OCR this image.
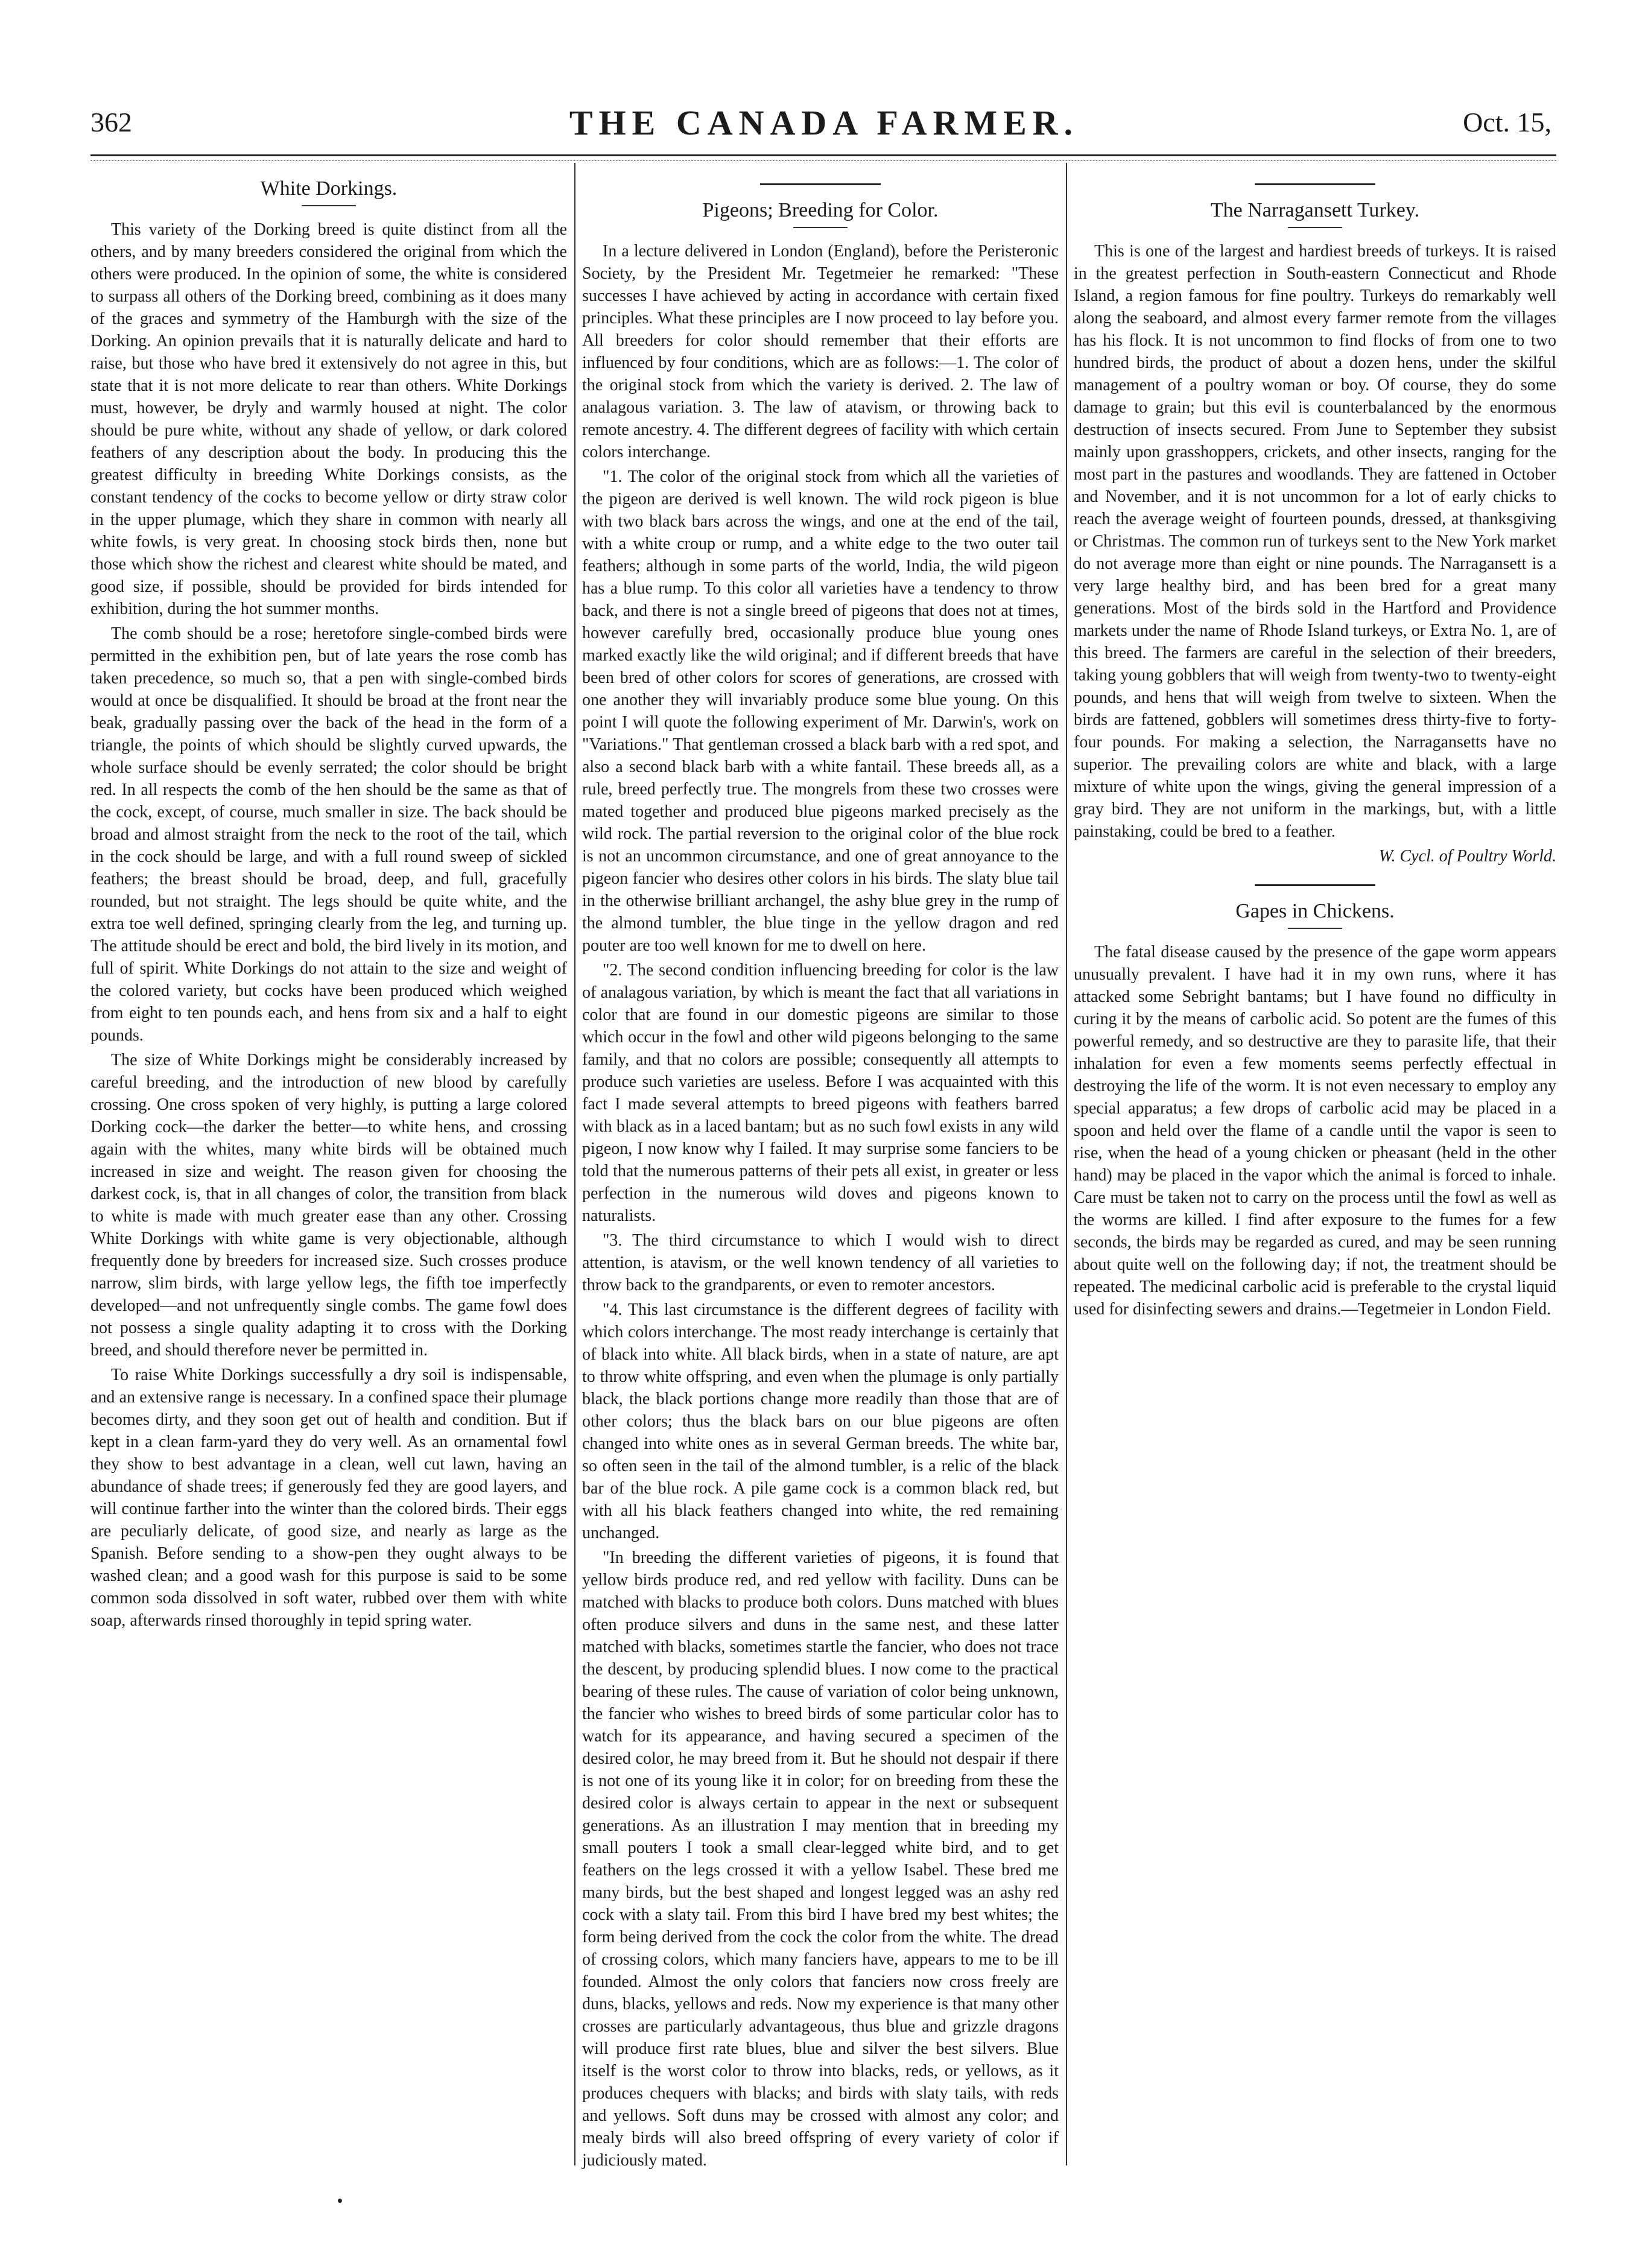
362	THE CANADA FARMER.	Oct. 15,
White Dorkings.

This variety of the Dorking breed is quite distinct from all the others, and by many breeders considered the original from which the others were produced. In the opinion of some, the white is considered to surpass all others of the Dorking breed, combining as it does many of the graces and symmetry of the Hamburgh with the size of the Dorking. An opinion prevails that it is naturally delicate and hard to raise, but those who have bred it extensively do not agree in this, but state that it is not more delicate to rear than others. White Dorkings must, however, be dryly and warmly housed at night. The color should be pure white, without any shade of yellow, or dark colored feathers of any description about the body. In producing this the greatest difficulty in breeding White Dorkings consists, as the constant tendency of the cocks to become yellow or dirty straw color in the upper plumage, which they share in common with nearly all white fowls, is very great. In choosing stock birds then, none but those which show the richest and clearest white should be mated, and good size, if possible, should be provided for birds intended for exhibition, during the hot summer months.

The comb should be a rose; heretofore single-combed birds were permitted in the exhibition pen, but of late years the rose comb has taken precedence, so much so, that a pen with single-combed birds would at once be disqualified. It should be broad at the front near the beak, gradually passing over the back of the head in the form of a triangle, the points of which should be slightly curved upwards, the whole surface should be evenly serrated; the color should be bright red. In all respects the comb of the hen should be the same as that of the cock, except, of course, much smaller in size. The back should be broad and almost straight from the neck to the root of the tail, which in the cock should be large, and with a full round sweep of sickled feathers; the breast should be broad, deep, and full, gracefully rounded, but not straight. The legs should be quite white, and the extra toe well defined, springing clearly from the leg, and turning up. The attitude should be erect and bold, the bird lively in its motion, and full of spirit. White Dorkings do not attain to the size and weight of the colored variety, but cocks have been produced which weighed from eight to ten pounds each, and hens from six and a half to eight pounds.

The size of White Dorkings might be considerably increased by careful breeding, and the introduction of new blood by carefully crossing. One cross spoken of very highly, is putting a large colored Dorking cock—the darker the better—to white hens, and crossing again with the whites, many white birds will be obtained much increased in size and weight. The reason given for choosing the darkest cock, is, that in all changes of color, the transition from black to white is made with much greater ease than any other. Crossing White Dorkings with white game is very objectionable, although frequently done by breeders for increased size. Such crosses produce narrow, slim birds, with large yellow legs, the fifth toe imperfectly developed—and not unfrequently single combs. The game fowl does not possess a single quality adapting it to cross with the Dorking breed, and should therefore never be permitted in.

To raise White Dorkings successfully a dry soil is indispensable, and an extensive range is necessary. In a confined space their plumage becomes dirty, and they soon get out of health and condition. But if kept in a clean farm-yard they do very well. As an ornamental fowl they show to best advantage in a clean, well cut lawn, having an abundance of shade trees; if generously fed they are good layers, and will continue farther into the winter than the colored birds. Their eggs are peculiarly delicate, of good size, and nearly as large as the Spanish. Before sending to a show-pen they ought always to be washed clean; and a good wash for this purpose is said to be some common soda dissolved in soft water, rubbed over them with white soap, afterwards rinsed thoroughly in tepid spring water.

Pigeons; Breeding for Color.

In a lecture delivered in London (England), before the Peristeronic Society, by the President Mr. Tegetmeier he remarked: "These successes I have achieved by acting in accordance with certain fixed principles. What these principles are I now proceed to lay before you. All breeders for color should remember that their efforts are influenced by four conditions, which are as follows:—1. The color of the original stock from which the variety is derived. 2. The law of analagous variation. 3. The law of atavism, or throwing back to remote ancestry. 4. The different degrees of facility with which certain colors interchange.

"1. The color of the original stock from which all the varieties of the pigeon are derived is well known. The wild rock pigeon is blue with two black bars across the wings, and one at the end of the tail, with a white croup or rump, and a white edge to the two outer tail feathers; although in some parts of the world, India, the wild pigeon has a blue rump. To this color all varieties have a tendency to throw back, and there is not a single breed of pigeons that does not at times, however carefully bred, occasionally produce blue young ones marked exactly like the wild original; and if different breeds that have been bred of other colors for scores of generations, are crossed with one another they will invariably produce some blue young. On this point I will quote the following experiment of Mr. Darwin's, work on "Variations." That gentleman crossed a black barb with a red spot, and also a second black barb with a white fantail. These breeds all, as a rule, breed perfectly true. The mongrels from these two crosses were mated together and produced blue pigeons marked precisely as the wild rock. The partial reversion to the original color of the blue rock is not an uncommon circumstance, and one of great annoyance to the pigeon fancier who desires other colors in his birds. The slaty blue tail in the otherwise brilliant archangel, the ashy blue grey in the rump of the almond tumbler, the blue tinge in the yellow dragon and red pouter are too well known for me to dwell on here.

"2. The second condition influencing breeding for color is the law of analagous variation, by which is meant the fact that all variations in color that are found in our domestic pigeons are similar to those which occur in the fowl and other wild pigeons belonging to the same family, and that no colors are possible; consequently all attempts to produce such varieties are useless. Before I was acquainted with this fact I made several attempts to breed pigeons with feathers barred with black as in a laced bantam; but as no such fowl exists in any wild pigeon, I now know why I failed. It may surprise some fanciers to be told that the numerous patterns of their pets all exist, in greater or less perfection in the numerous wild doves and pigeons known to naturalists.

"3. The third circumstance to which I would wish to direct attention, is atavism, or the well known tendency of all varieties to throw back to the grandparents, or even to remoter ancestors.

"4. This last circumstance is the different degrees of facility with which colors interchange. The most ready interchange is certainly that of black into white. All black birds, when in a state of nature, are apt to throw white offspring, and even when the plumage is only partially black, the black portions change more readily than those that are of other colors; thus the black bars on our blue pigeons are often changed into white ones as in several German breeds. The white bar, so often seen in the tail of the almond tumbler, is a relic of the black bar of the blue rock. A pile game cock is a common black red, but with all his black feathers changed into white, the red remaining unchanged.

"In breeding the different varieties of pigeons, it is found that yellow birds produce red, and red yellow with facility. Duns can be matched with blacks to produce both colors. Duns matched with blues often produce silvers and duns in the same nest, and these latter matched with blacks, sometimes startle the fancier, who does not trace the descent, by producing splendid blues. I now come to the practical bearing of these rules. The cause of variation of color being unknown, the fancier who wishes to breed birds of some particular color has to watch for its appearance, and having secured a specimen of the desired color, he may breed from it. But he should not despair if there is not one of its young like it in color; for on breeding from these the desired color is always certain to appear in the next or subsequent generations. As an illustration I may mention that in breeding my small pouters I took a small clear-legged white bird, and to get feathers on the legs crossed it with a yellow Isabel. These bred me many birds, but the best shaped and longest legged was an ashy red cock with a slaty tail. From this bird I have bred my best whites; the form being derived from the cock the color from the white. The dread of crossing colors, which many fanciers have, appears to me to be ill founded. Almost the only colors that fanciers now cross freely are duns, blacks, yellows and reds. Now my experience is that many other crosses are particularly advantageous, thus blue and grizzle dragons will produce first rate blues, blue and silver the best silvers. Blue itself is the worst color to throw into blacks, reds, or yellows, as it produces chequers with blacks; and birds with slaty tails, with reds and yellows. Soft duns may be crossed with almost any color; and mealy birds will also breed offspring of every variety of color if judiciously mated.

The Narragansett Turkey.

This is one of the largest and hardiest breeds of turkeys. It is raised in the greatest perfection in South-eastern Connecticut and Rhode Island, a region famous for fine poultry. Turkeys do remarkably well along the seaboard, and almost every farmer remote from the villages has his flock. It is not uncommon to find flocks of from one to two hundred birds, the product of about a dozen hens, under the skilful management of a poultry woman or boy. Of course, they do some damage to grain; but this evil is counterbalanced by the enormous destruction of insects secured. From June to September they subsist mainly upon grasshoppers, crickets, and other insects, ranging for the most part in the pastures and woodlands. They are fattened in October and November, and it is not uncommon for a lot of early chicks to reach the average weight of fourteen pounds, dressed, at thanksgiving or Christmas. The common run of turkeys sent to the New York market do not average more than eight or nine pounds. The Narragansett is a very large healthy bird, and has been bred for a great many generations. Most of the birds sold in the Hartford and Providence markets under the name of Rhode Island turkeys, or Extra No. 1, are of this breed. The farmers are careful in the selection of their breeders, taking young gobblers that will weigh from twenty-two to twenty-eight pounds, and hens that will weigh from twelve to sixteen. When the birds are fattened, gobblers will sometimes dress thirty-five to forty-four pounds. For making a selection, the Narragansetts have no superior. The prevailing colors are white and black, with a large mixture of white upon the wings, giving the general impression of a gray bird. They are not uniform in the markings, but, with a little painstaking, could be bred to a feather.

W. Cycl. of Poultry World.

Gapes in Chickens.

The fatal disease caused by the presence of the gape worm appears unusually prevalent. I have had it in my own runs, where it has attacked some Sebright bantams; but I have found no difficulty in curing it by the means of carbolic acid. So potent are the fumes of this powerful remedy, and so destructive are they to parasite life, that their inhalation for even a few moments seems perfectly effectual in destroying the life of the worm. It is not even necessary to employ any special apparatus; a few drops of carbolic acid may be placed in a spoon and held over the flame of a candle until the vapor is seen to rise, when the head of a young chicken or pheasant (held in the other hand) may be placed in the vapor which the animal is forced to inhale. Care must be taken not to carry on the process until the fowl as well as the worms are killed. I find after exposure to the fumes for a few seconds, the birds may be regarded as cured, and may be seen running about quite well on the following day; if not, the treatment should be repeated. The medicinal carbolic acid is preferable to the crystal liquid used for disinfecting sewers and drains.—Tegetmeier in London Field.
